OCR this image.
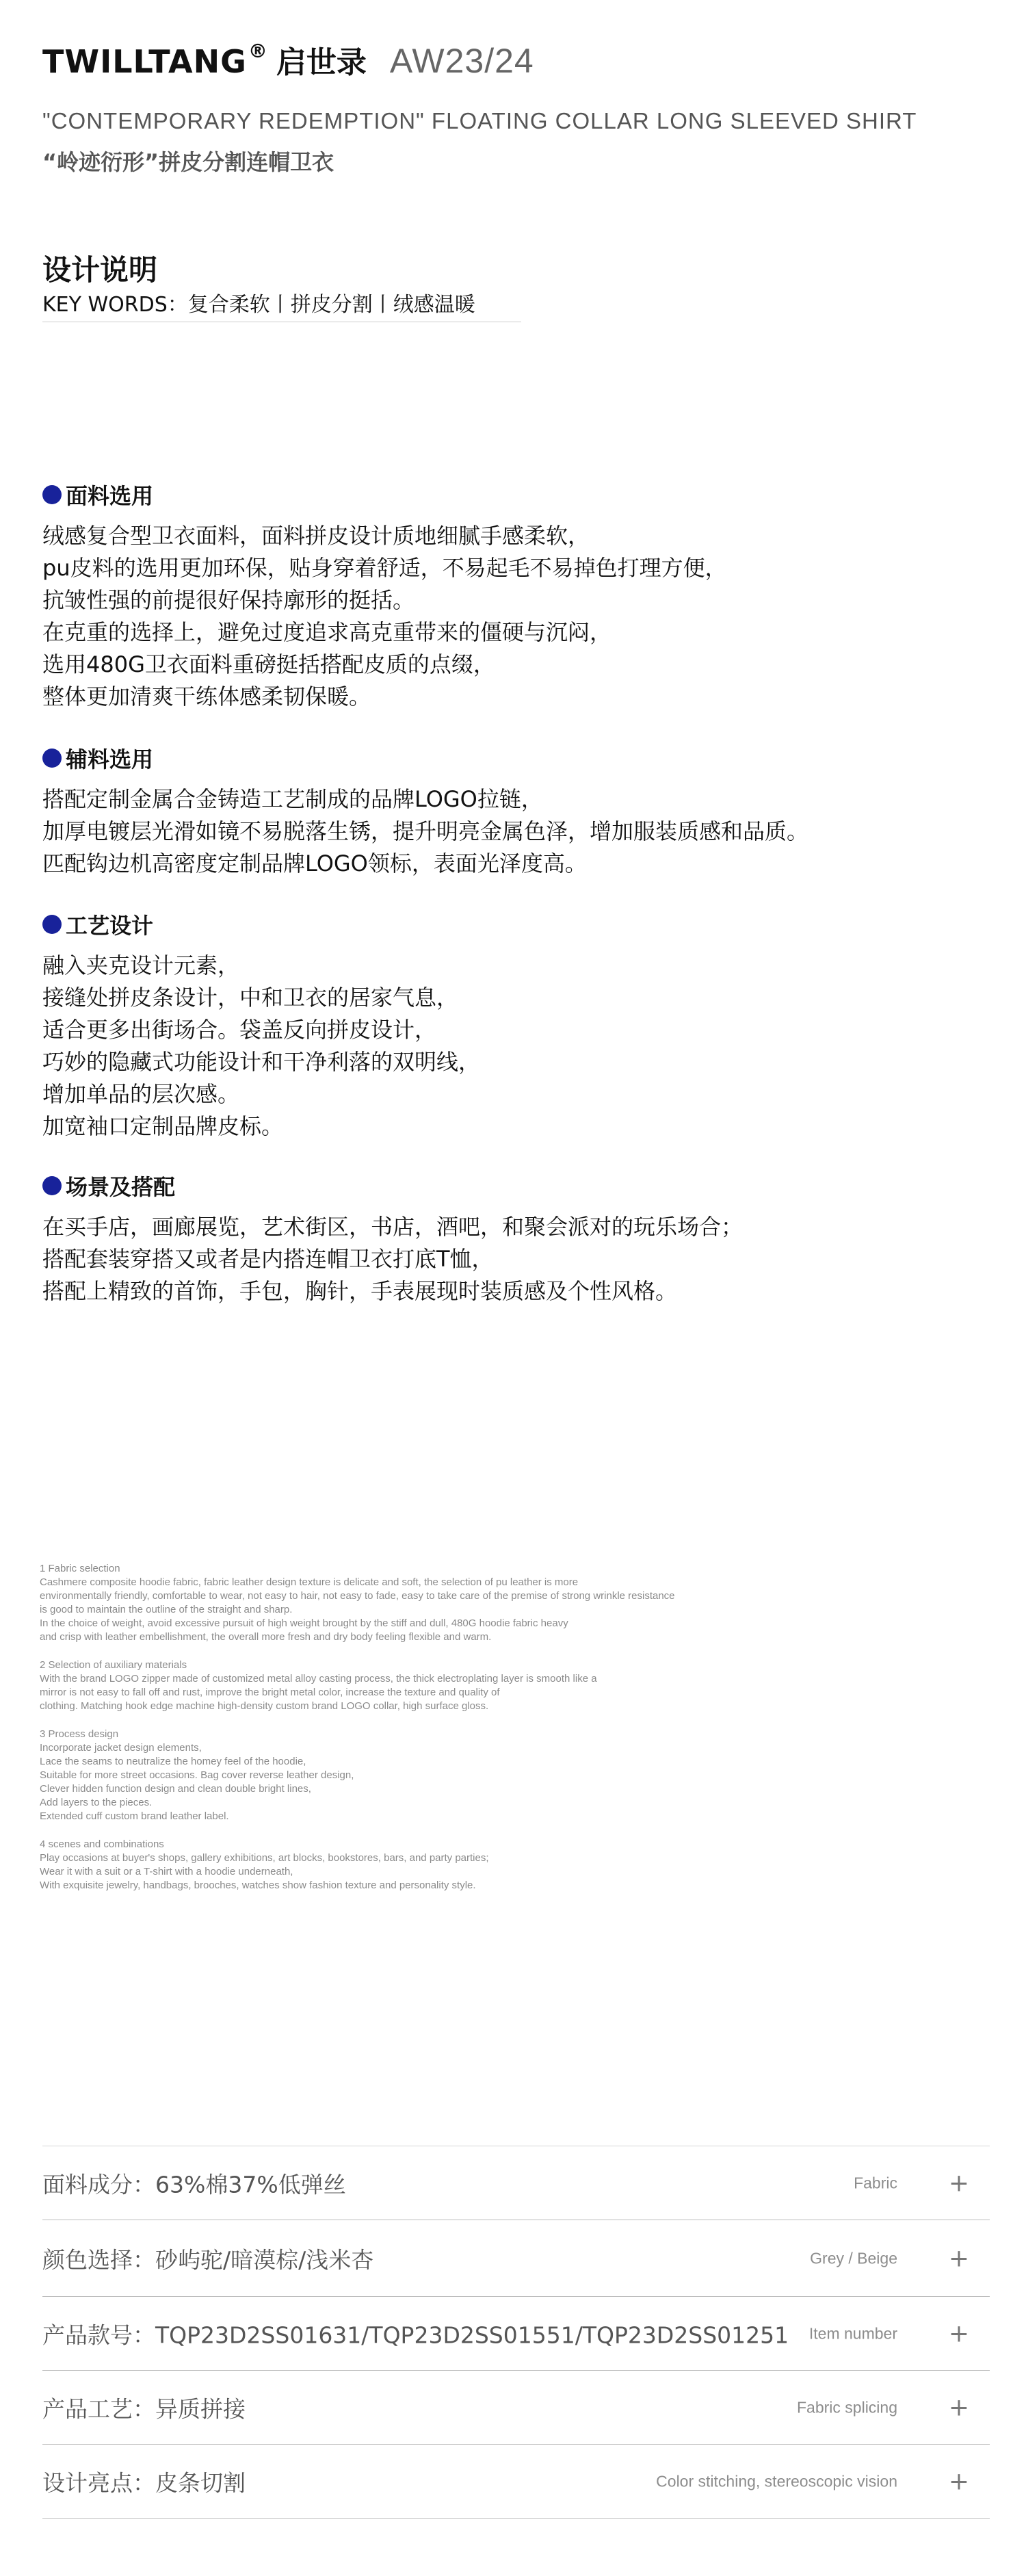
TWILLTANG® 启世录 AW23/24
"CONTEMPORARY REDEMPTION" FLOATING COLLAR LONG SLEEVED SHIRT
“岭迹衍形”拼皮分割连帽卫衣
设计说明
KEY WORDS：复合柔软丨拼皮分割丨绒感温暖
面料选用
绒感复合型卫衣面料，面料拼皮设计质地细腻手感柔软，
pu皮料的选用更加环保，贴身穿着舒适，不易起毛不易掉色打理方便，
抗皱性强的前提很好保持廓形的挺括。
在克重的选择上，避免过度追求高克重带来的僵硬与沉闷，
选用480G卫衣面料重磅挺括搭配皮质的点缀，
整体更加清爽干练体感柔韧保暖。
辅料选用
搭配定制金属合金铸造工艺制成的品牌LOGO拉链，
加厚电镀层光滑如镜不易脱落生锈，提升明亮金属色泽，增加服装质感和品质。
匹配钩边机高密度定制品牌LOGO领标，表面光泽度高。
工艺设计
融入夹克设计元素，
接缝处拼皮条设计，中和卫衣的居家气息，
适合更多出街场合。袋盖反向拼皮设计，
巧妙的隐藏式功能设计和干净利落的双明线，
增加单品的层次感。
加宽袖口定制品牌皮标。
场景及搭配
在买手店，画廊展览，艺术街区，书店，酒吧，和聚会派对的玩乐场合；
搭配套装穿搭又或者是内搭连帽卫衣打底T恤，
搭配上精致的首饰，手包，胸针，手表展现时装质感及个性风格。
1 Fabric selection
Cashmere composite hoodie fabric, fabric leather design texture is delicate and soft, the selection of pu leather is more
environmentally friendly, comfortable to wear, not easy to hair, not easy to fade, easy to take care of the premise of strong wrinkle resistance
is good to maintain the outline of the straight and sharp.
In the choice of weight, avoid excessive pursuit of high weight brought by the stiff and dull, 480G hoodie fabric heavy
and crisp with leather embellishment, the overall more fresh and dry body feeling flexible and warm.
2 Selection of auxiliary materials
With the brand LOGO zipper made of customized metal alloy casting process, the thick electroplating layer is smooth like a
mirror is not easy to fall off and rust, improve the bright metal color, increase the texture and quality of
clothing. Matching hook edge machine high-density custom brand LOGO collar, high surface gloss.
3 Process design
Incorporate jacket design elements,
Lace the seams to neutralize the homey feel of the hoodie,
Suitable for more street occasions. Bag cover reverse leather design,
Clever hidden function design and clean double bright lines,
Add layers to the pieces.
Extended cuff custom brand leather label.
4 scenes and combinations
Play occasions at buyer's shops, gallery exhibitions, art blocks, bookstores, bars, and party parties;
Wear it with a suit or a T-shirt with a hoodie underneath,
With exquisite jewelry, handbags, brooches, watches show fashion texture and personality style.
面料成分：63%棉37%低弹丝	Fabric +
颜色选择：砂屿驼/暗漠棕/浅米杏	Grey / Beige +
产品款号：TQP23D2SS01631/TQP23D2SS01551/TQP23D2SS01251 Item number +
产品工艺：异质拼接	Fabric splicing +
设计亮点：皮条切割	Color stitching, stereoscopic vision +
